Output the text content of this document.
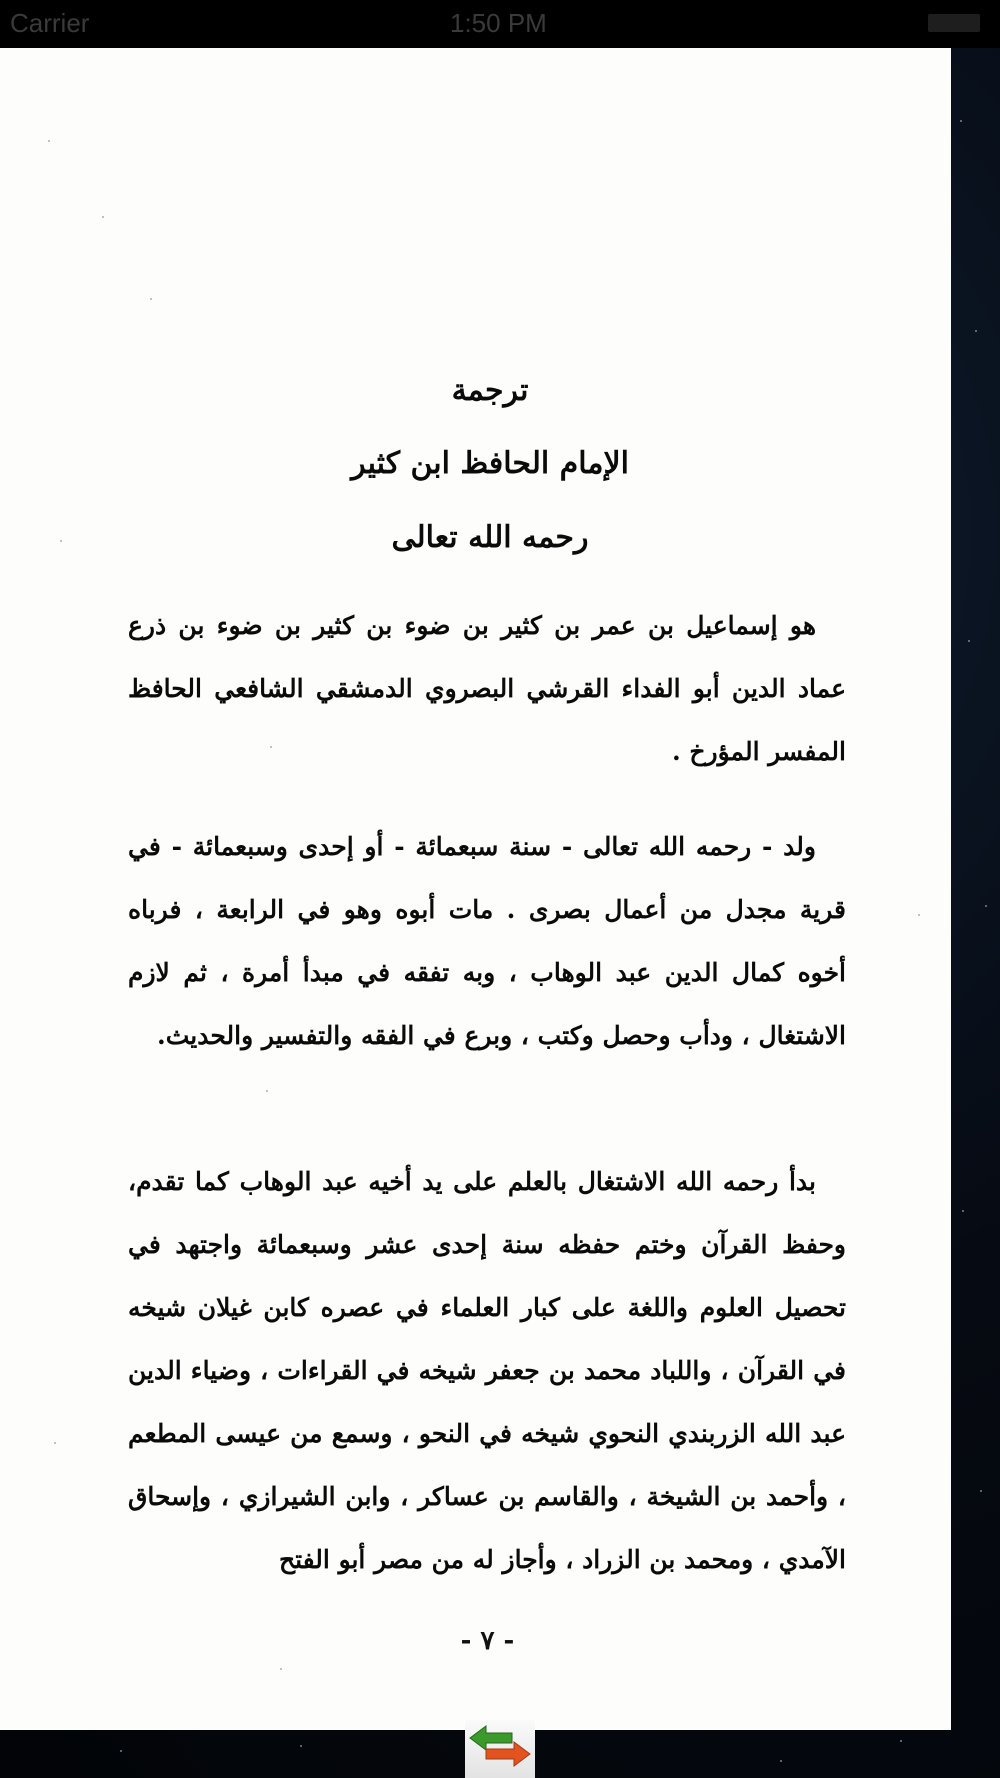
Carrier	1:50 PM
ترجمة
الإمام الحافظ ابن كثير
رحمه الله تعالى
هو إسماعيل بن عمر بن كثير بن ضوء بن كثير بن ضوء بن ذرع عماد الدين أبو الفداء القرشي البصروي الدمشقي الشافعي الحافظ المفسر المؤرخ .
ولد - رحمه الله تعالى - سنة سبعمائة - أو إحدى وسبعمائة - في قرية مجدل من أعمال بصرى . مات أبوه وهو في الرابعة ، فرباه أخوه كمال الدين عبد الوهاب ، وبه تفقه في مبدأ أمرة ، ثم لازم الاشتغال ، ودأب وحصل وكتب ، وبرع في الفقه والتفسير والحديث.
بدأ رحمه الله الاشتغال بالعلم على يد أخيه عبد الوهاب كما تقدم، وحفظ القرآن وختم حفظه سنة إحدى عشر وسبعمائة واجتهد في تحصيل العلوم واللغة على كبار العلماء في عصره كابن غيلان شيخه في القرآن ، واللباد محمد بن جعفر شيخه في القراءات ، وضياء الدين عبد الله الزربندي النحوي شيخه في النحو ، وسمع من عيسى المطعم ، وأحمد بن الشيخة ، والقاسم بن عساكر ، وابن الشيرازي ، وإسحاق الآمدي ، ومحمد بن الزراد ، وأجاز له من مصر أبو الفتح
- ٧ -
